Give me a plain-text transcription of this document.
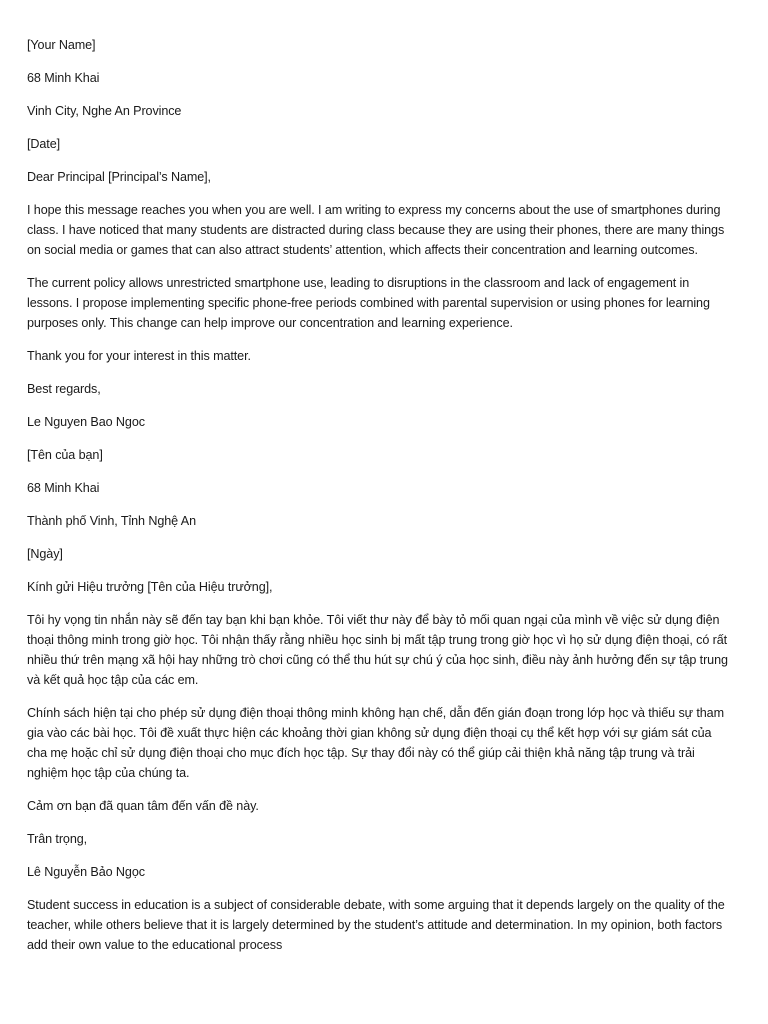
[Your Name]

68 Minh Khai

Vinh City, Nghe An Province

[Date]

Dear Principal [Principal’s Name],

I hope this message reaches you when you are well. I am writing to express my concerns about the use of smartphones during class. I have noticed that many students are distracted during class because they are using their phones, there are many things on social media or games that can also attract students’ attention, which affects their concentration and learning outcomes.

The current policy allows unrestricted smartphone use, leading to disruptions in the classroom and lack of engagement in lessons. I propose implementing specific phone-free periods combined with parental supervision or using phones for learning purposes only. This change can help improve our concentration and learning experience.

Thank you for your interest in this matter.

Best regards,

Le Nguyen Bao Ngoc

[Tên của bạn]

68 Minh Khai

Thành phố Vinh, Tỉnh Nghệ An

[Ngày]

Kính gửi Hiệu trưởng [Tên của Hiệu trưởng],

Tôi hy vọng tin nhắn này sẽ đến tay bạn khi bạn khỏe. Tôi viết thư này để bày tỏ mối quan ngại của mình về việc sử dụng điện thoại thông minh trong giờ học. Tôi nhận thấy rằng nhiều học sinh bị mất tập trung trong giờ học vì họ sử dụng điện thoại, có rất nhiều thứ trên mạng xã hội hay những trò chơi cũng có thể thu hút sự chú ý của học sinh, điều này ảnh hưởng đến sự tập trung và kết quả học tập của các em.

Chính sách hiện tại cho phép sử dụng điện thoại thông minh không hạn chế, dẫn đến gián đoạn trong lớp học và thiếu sự tham gia vào các bài học. Tôi đề xuất thực hiện các khoảng thời gian không sử dụng điện thoại cụ thể kết hợp với sự giám sát của cha mẹ hoặc chỉ sử dụng điện thoại cho mục đích học tập. Sự thay đổi này có thể giúp cải thiện khả năng tập trung và trải nghiệm học tập của chúng ta.

Cảm ơn bạn đã quan tâm đến vấn đề này.

Trân trọng,

Lê Nguyễn Bảo Ngọc

Student success in education is a subject of considerable debate, with some arguing that it depends largely on the quality of the teacher, while others believe that it is largely determined by the student’s attitude and determination. In my opinion, both factors add their own value to the educational process
